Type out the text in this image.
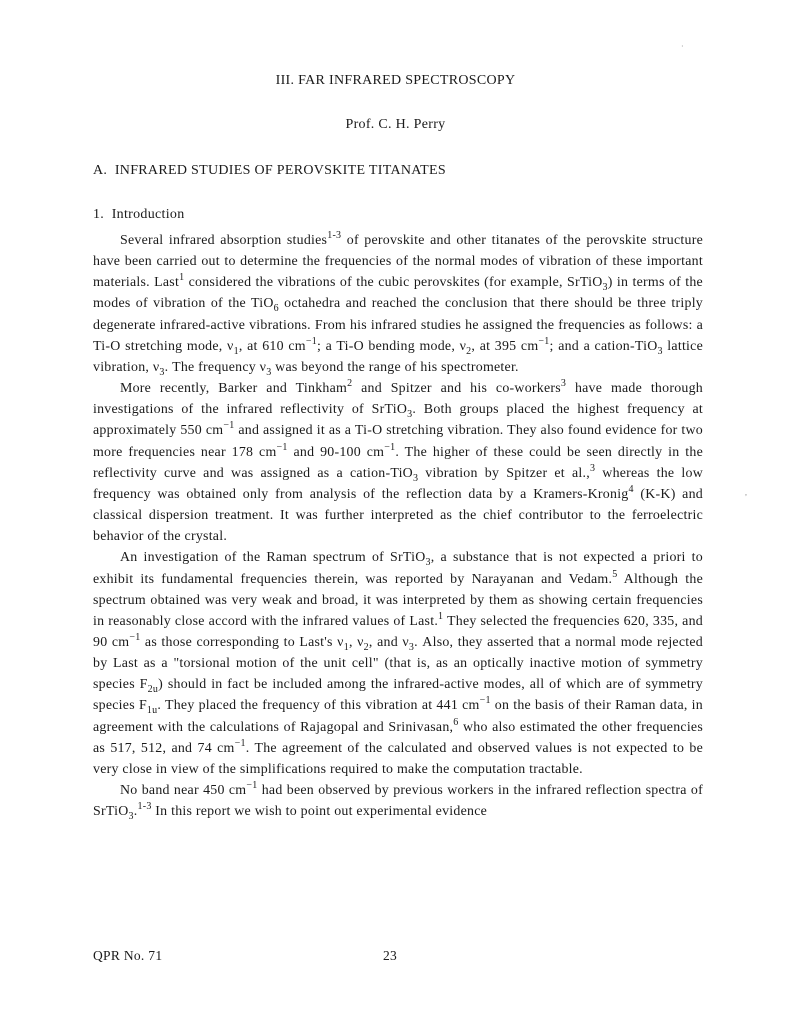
·
,
III. FAR INFRARED SPECTROSCOPY
Prof. C. H. Perry
A. INFRARED STUDIES OF PEROVSKITE TITANATES
1. Introduction

Several infrared absorption studies$^{1-3}$ of perovskite and other titanates of the perovskite structure have been carried out to determine the frequencies of the normal modes of vibration of these important materials. Last$^1$ considered the vibrations of the cubic perovskites (for example, SrTiO$_3$) in terms of the modes of vibration of the TiO$_6$ octahedra and reached the conclusion that there should be three triply degenerate infrared-active vibrations. From his infrared studies he assigned the frequencies as follows: a Ti-O stretching mode, $\nu_1$, at 610 $cm^{-1}$; a Ti-O bending mode, $\nu_2$, at 395 $cm^{-1}$; and a cation-TiO$_3$ lattice vibration, $\nu_3$. The frequency $\nu_3$ was beyond the range of his spectrometer.

More recently, Barker and Tinkham$^2$ and Spitzer and his co-workers$^3$ have made thorough investigations of the infrared reflectivity of SrTiO$_3$. Both groups placed the highest frequency at approximately 550 $cm^{-1}$ and assigned it as a Ti-O stretching vibration. They also found evidence for two more frequencies near 178 $cm^{-1}$ and 90-100 $cm^{-1}$. The higher of these could be seen directly in the reflectivity curve and was assigned as a cation-TiO$_3$ vibration by Spitzer et al.,$^3$ whereas the low frequency was obtained only from analysis of the reflection data by a Kramers-Kronig$^4$ (K-K) and classical dispersion treatment. It was further interpreted as the chief contributor to the ferroelectric behavior of the crystal.

An investigation of the Raman spectrum of SrTiO$_3$, a substance that is not expected a priori to exhibit its fundamental frequencies therein, was reported by Narayanan and Vedam.$^5$ Although the spectrum obtained was very weak and broad, it was interpreted by them as showing certain frequencies in reasonably close accord with the infrared values of Last.$^1$ They selected the frequencies 620, 335, and 90 $cm^{-1}$ as those corresponding to Last's $\nu_1$, $\nu_2$, and $\nu_3$. Also, they asserted that a normal mode rejected by Last as a "torsional motion of the unit cell" (that is, as an optically inactive motion of symmetry species $F_{2u}$) should in fact be included among the infrared-active modes, all of which are of symmetry species $F_{1u}$. They placed the frequency of this vibration at 441 $cm^{-1}$ on the basis of their Raman data, in agreement with the calculations of Rajagopal and Srinivasan,$^6$ who also estimated the other frequencies as 517, 512, and 74 $cm^{-1}$. The agreement of the calculated and observed values is not expected to be very close in view of the simplifications required to make the computation tractable.

No band near 450 $cm^{-1}$ had been observed by previous workers in the infrared reflection spectra of SrTiO$_3$.$^{1-3}$ In this report we wish to point out experimental evidence

QPR No. 71	23
